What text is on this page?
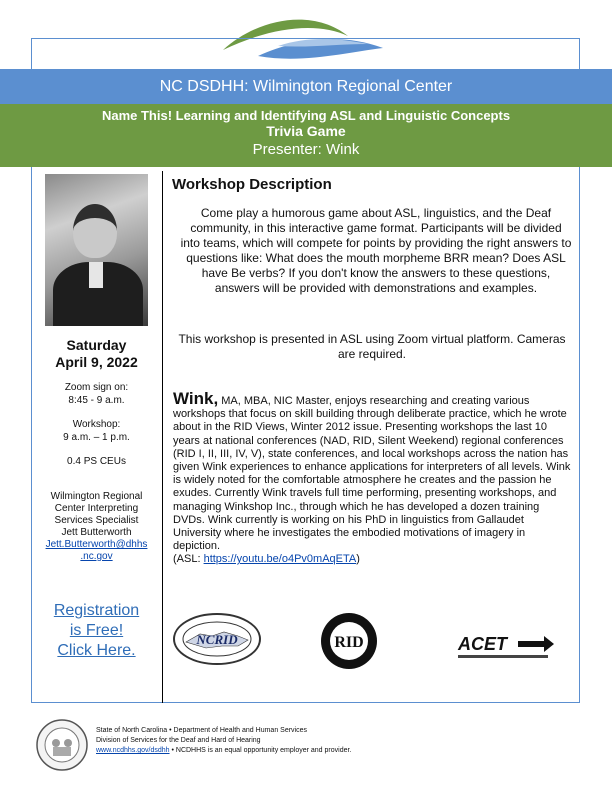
NC DSDHH: Wilmington Regional Center
Name This! Learning and Identifying ASL and Linguistic Concepts
Trivia Game
Presenter: Wink
Saturday
April 9, 2022
Zoom sign on:
8:45 - 9 a.m.
Workshop:
9 a.m. – 1 p.m.
0.4 PS CEUs
Wilmington Regional
Center Interpreting
Services Specialist
Jett Butterworth
Jett.Butterworth@dhhs
.nc.gov
Registration
is Free!
Click Here.
Workshop Description
Come play a humorous game about ASL, linguistics, and the Deaf community, in this interactive game format. Participants will be divided into teams, which will compete for points by providing the right answers to questions like: What does the mouth morpheme BRR mean? Does ASL have Be verbs? If you don't know the answers to these questions, answers will be provided with demonstrations and examples.
This workshop is presented in ASL using Zoom virtual platform. Cameras are required.
Wink, MA, MBA, NIC Master, enjoys researching and creating various workshops that focus on skill building through deliberate practice, which he wrote about in the RID Views, Winter 2012 issue. Presenting workshops the last 10 years at national conferences (NAD, RID, Silent Weekend) regional conferences (RID I, II, III, IV, V), state conferences, and local workshops across the nation has given Wink experiences to enhance applications for interpreters of all levels. Wink is widely noted for the comfortable atmosphere he creates and the passion he exudes. Currently Wink travels full time performing, presenting workshops, and managing Winkshop Inc., through which he has developed a dozen training DVDs. Wink currently is working on his PhD in linguistics from Gallaudet University where he investigates the embodied motivations of imagery in depiction.
(ASL: https://youtu.be/o4Pv0mAqETA)
NCRID	RID	ACET
State of North Carolina • Department of Health and Human Services
Division of Services for the Deaf and Hard of Hearing
www.ncdhhs.gov/dsdhh • NCDHHS is an equal opportunity employer and provider.
